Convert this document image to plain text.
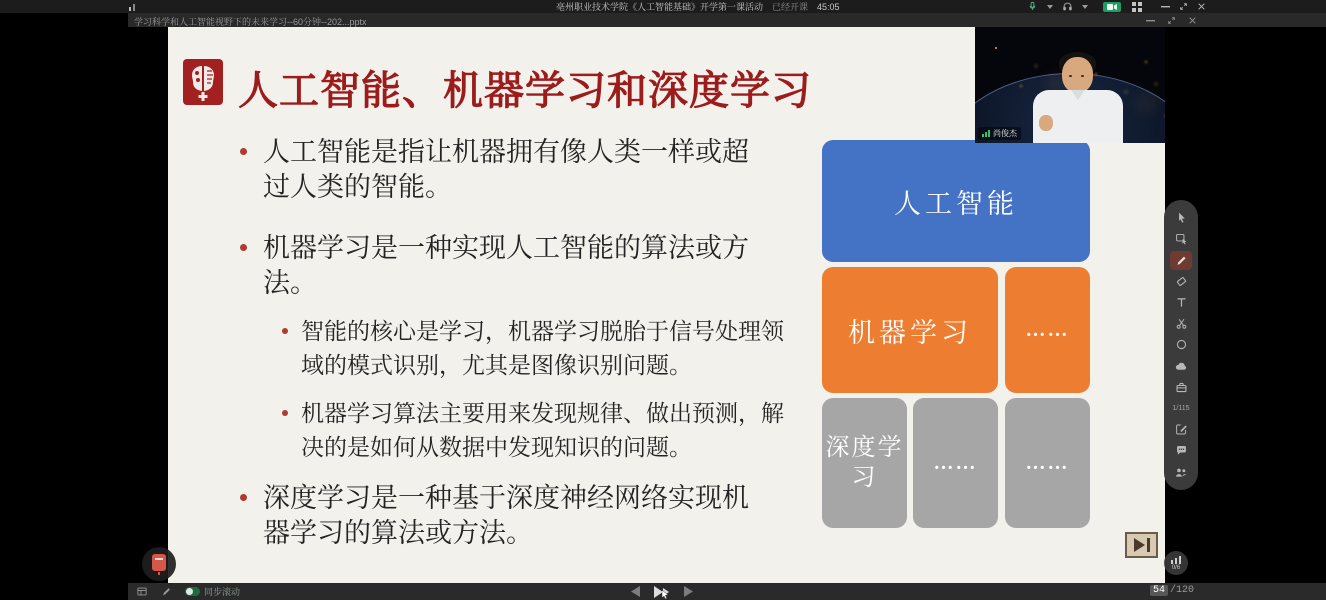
亳州职业技术学院《人工智能基础》开学第一课活动 已经开课 45:05
学习科学和人工智能视野下的未来学习--60分钟--202...pptx
人工智能、机器学习和深度学习
人工智能是指让机器拥有像人类一样或超过人类的智能。
机器学习是一种实现人工智能的算法或方法。
智能的核心是学习，机器学习脱胎于信号处理领域的模式识别，尤其是图像识别问题。
机器学习算法主要用来发现规律、做出预测，解决的是如何从数据中发现知识的问题。
深度学习是一种基于深度神经网络实现机器学习的算法或方法。
人工智能
机器学习	……
深度学习
……	……
尚俊杰
1/115
0/6
同步滚动	54 /120
